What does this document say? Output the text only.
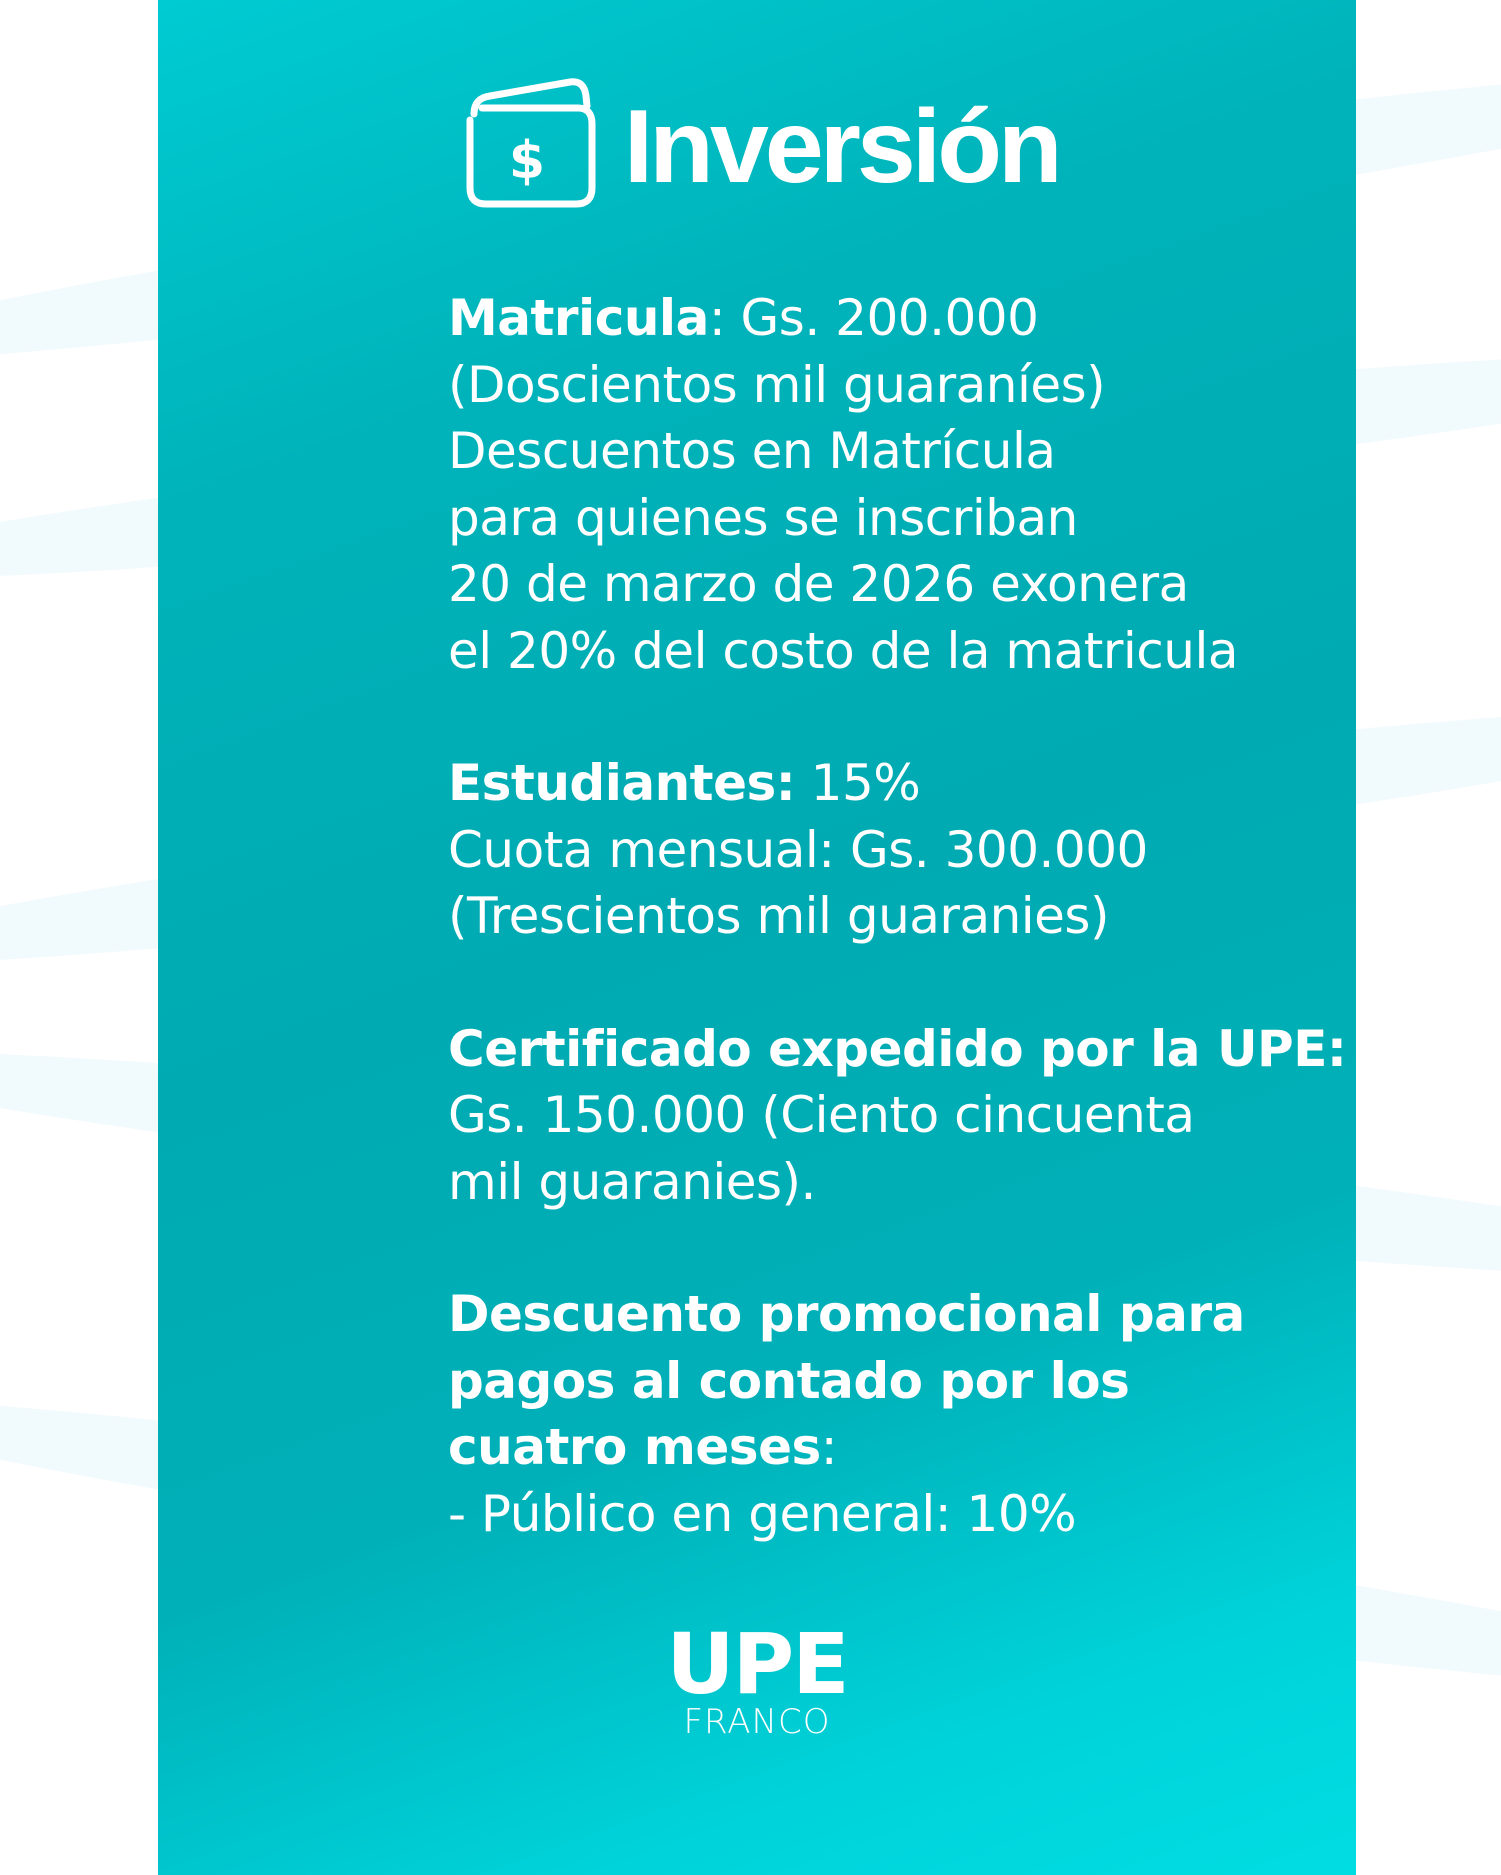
$ Inversión
Matricula: Gs. 200.000
(Doscientos mil guaraníes)
Descuentos en Matrícula
para quienes se inscriban
20 de marzo de 2026 exonera
el 20% del costo de la matricula
Estudiantes: 15%
Cuota mensual: Gs. 300.000
(Trescientos mil guaranies)
Certificado expedido por la UPE:
Gs. 150.000 (Ciento cincuenta
mil guaranies).
Descuento promocional para
pagos al contado por los
cuatro meses:
- Público en general: 10%
UPE
FRANCO
